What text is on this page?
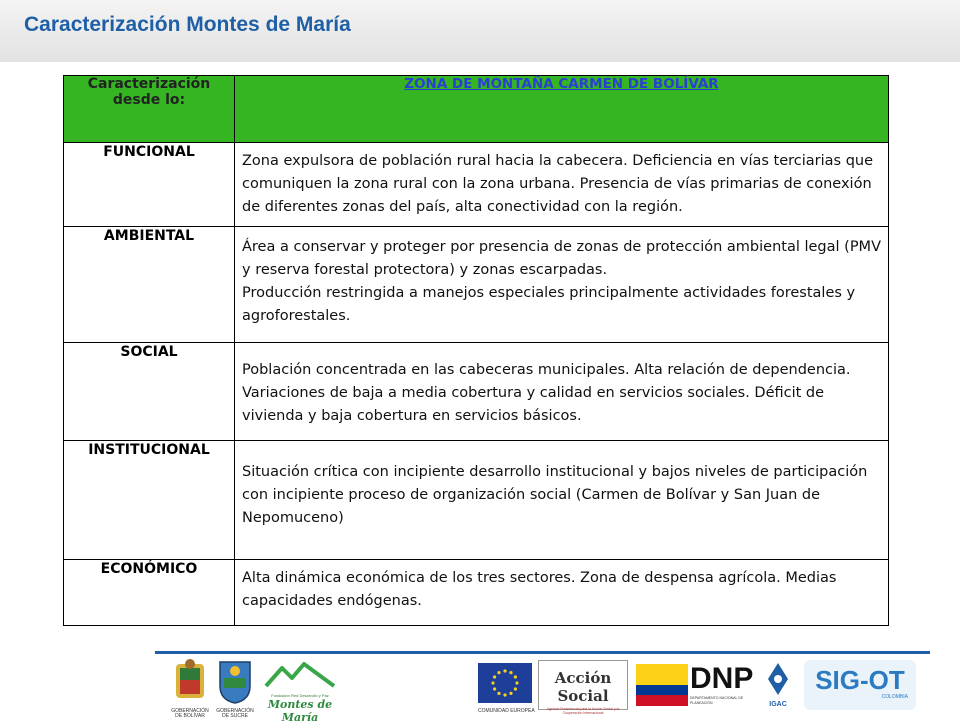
Caracterización Montes de María
Caracterización desde lo:	ZONA DE MONTAÑA CARMEN DE BOLÍVAR
FUNCIONAL	Zona expulsora de población rural hacia la cabecera. Deficiencia en vías terciarias que comuniquen la zona rural con la zona urbana. Presencia de vías primarias de conexión de diferentes zonas del país, alta conectividad con la región.
AMBIENTAL	Área a conservar y proteger por presencia de zonas de protección ambiental legal (PMV y reserva forestal protectora) y zonas escarpadas.
Producción restringida a manejos especiales principalmente actividades forestales y agroforestales.

SOCIAL	Población concentrada en las cabeceras municipales. Alta relación de dependencia. Variaciones de baja a media cobertura y calidad en servicios sociales. Déficit de vivienda y baja cobertura en servicios básicos.
INSTITUCIONAL	Situación crítica con incipiente desarrollo institucional y bajos niveles de participación con incipiente proceso de organización social (Carmen de Bolívar y San Juan de Nepomuceno)
ECONÓMICO	Alta dinámica económica de los tres sectores. Zona de despensa agrícola. Medias capacidades endógenas.
GOBERNACIÓN
DE BOLÍVAR
GOBERNACIÓN
DE SUCRE
Fundación Red Desarrollo y Paz
Montes de María	COMUNIDAD EUROPEA
Acción Social
Agencia Presidencial para la Acción Social y la Cooperación Internacional
DNP
DEPARTAMENTO NACIONAL DE PLANEACIÓN	IGAC
SIG-OT
COLOMBIA
